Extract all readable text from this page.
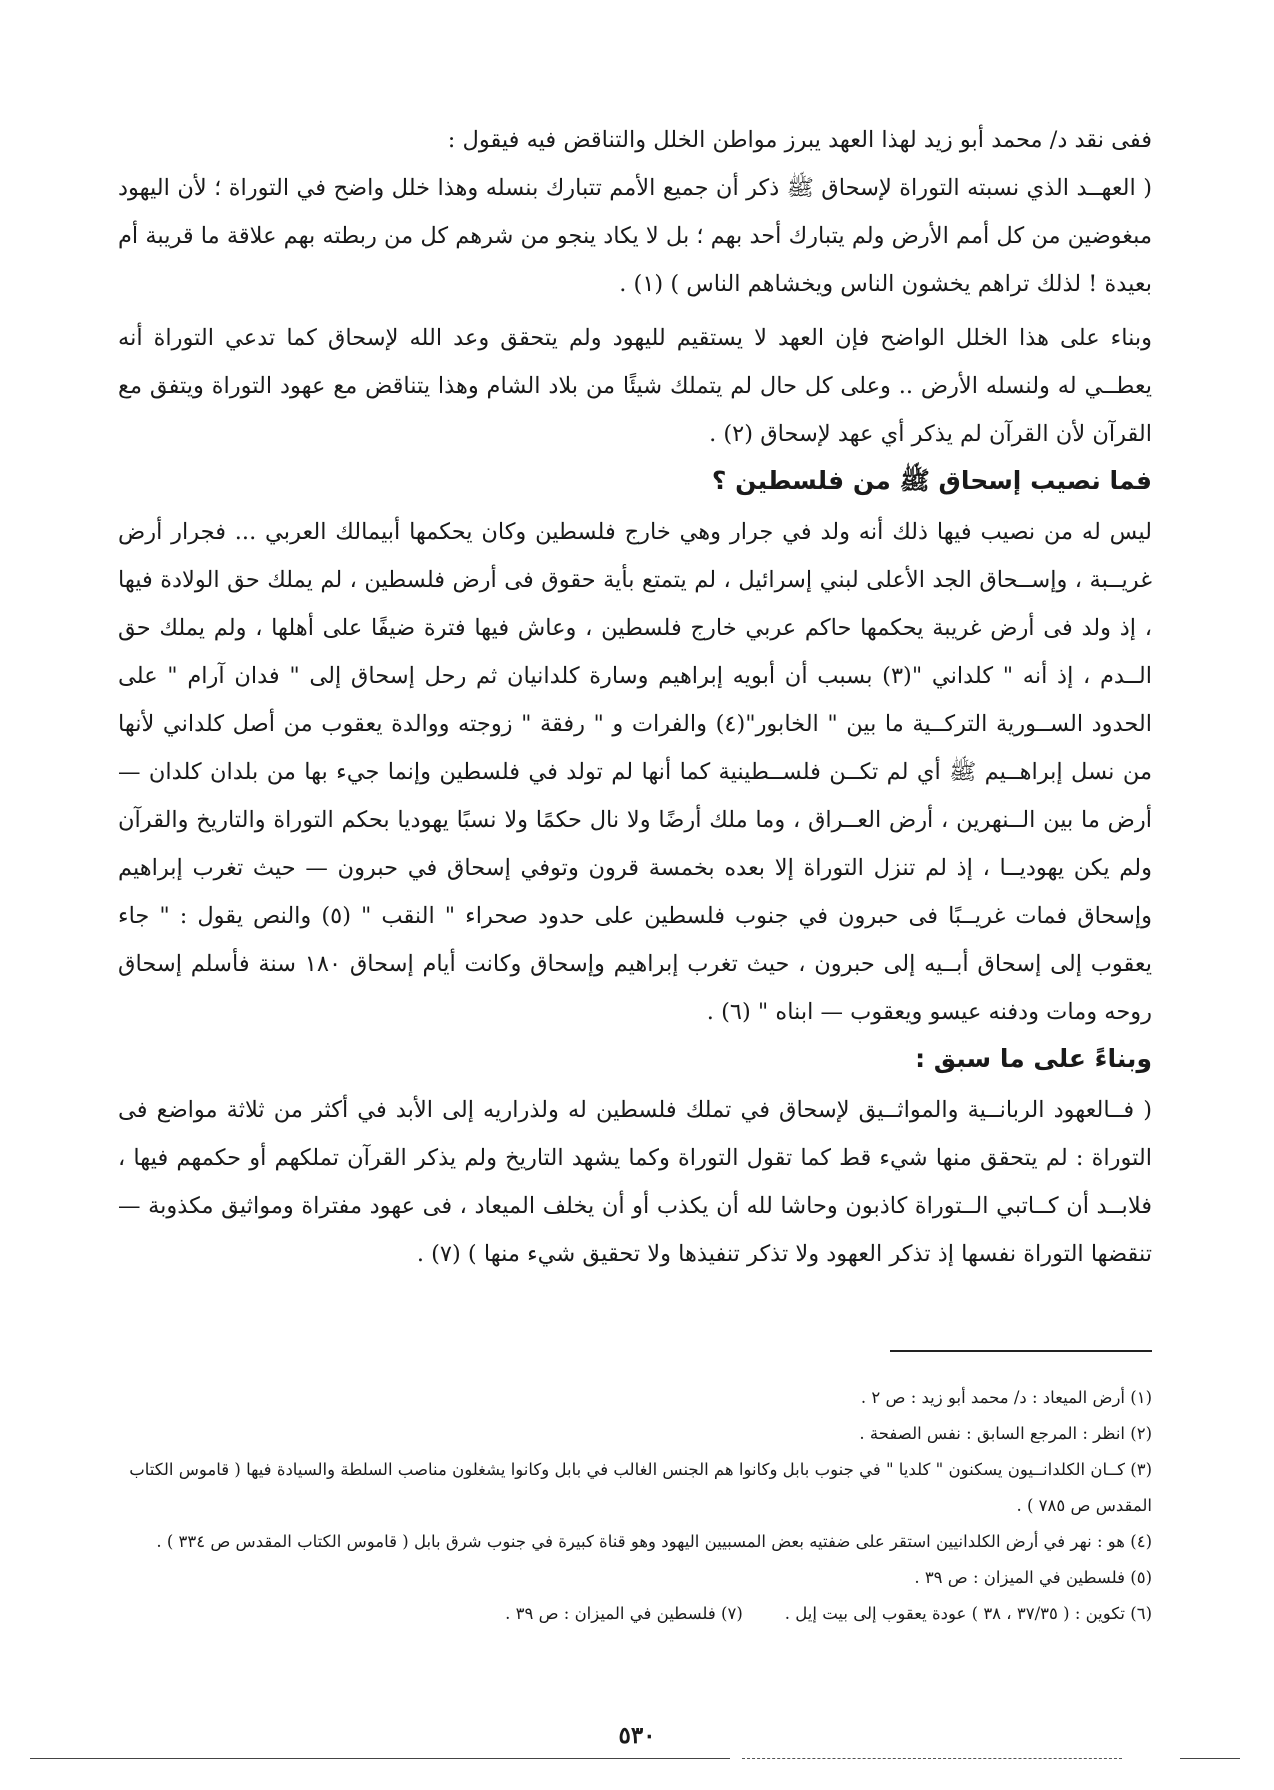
ففى نقد د/ محمد أبو زيد لهذا العهد يبرز مواطن الخلل والتناقض فيه فيقول :

( العهــد الذي نسبته التوراة لإسحاق ﷺ ذكر أن جميع الأمم تتبارك بنسله وهذا خلل واضح في التوراة ؛ لأن اليهود مبغوضين من كل أمم الأرض ولم يتبارك أحد بهم ؛ بل لا يكاد ينجو من شرهم كل من ربطته بهم علاقة ما قريبة أم بعيدة ! لذلك تراهم يخشون الناس ويخشاهم الناس ) (١) .

وبناء على هذا الخلل الواضح فإن العهد لا يستقيم لليهود ولم يتحقق وعد الله لإسحاق كما تدعي التوراة أنه يعطــي له ولنسله الأرض .. وعلى كل حال لم يتملك شيئًا من بلاد الشام وهذا يتناقض مع عهود التوراة ويتفق مع القرآن لأن القرآن لم يذكر أي عهد لإسحاق (٢) .

فما نصيب إسحاق ﷺ من فلسطين ؟

ليس له من نصيب فيها ذلك أنه ولد في جرار وهي خارج فلسطين وكان يحكمها أبيمالك العربي ... فجرار أرض غريــبة ، وإســحاق الجد الأعلى لبني إسرائيل ، لم يتمتع بأية حقوق فى أرض فلسطين ، لم يملك حق الولادة فيها ، إذ ولد فى أرض غريبة يحكمها حاكم عربي خارج فلسطين ، وعاش فيها فترة ضيفًا على أهلها ، ولم يملك حق الــدم ، إذ أنه " كلداني "(٣) بسبب أن أبويه إبراهيم وسارة كلدانيان ثم رحل إسحاق إلى " فدان آرام " على الحدود الســورية التركــية ما بين " الخابور"(٤) والفرات و " رفقة " زوجته ووالدة يعقوب من أصل كلداني لأنها من نسل إبراهــيم ﷺ أي لم تكــن فلســطينية كما أنها لم تولد في فلسطين وإنما جيء بها من بلدان كلدان — أرض ما بين الــنهرين ، أرض العــراق ، وما ملك أرضًا ولا نال حكمًا ولا نسبًا يهوديا بحكم التوراة والتاريخ والقرآن ولم يكن يهوديــا ، إذ لم تنزل التوراة إلا بعده بخمسة قرون وتوفي إسحاق في حبرون — حيث تغرب إبراهيم وإسحاق فمات غريــبًا فى حبرون في جنوب فلسطين على حدود صحراء " النقب " (٥) والنص يقول : " جاء يعقوب إلى إسحاق أبــيه إلى حبرون ، حيث تغرب إبراهيم وإسحاق وكانت أيام إسحاق ١٨٠ سنة فأسلم إسحاق روحه ومات ودفنه عيسو ويعقوب — ابناه " (٦) .

وبناءً على ما سبق :

( فــالعهود الربانــية والمواثــيق لإسحاق في تملك فلسطين له ولذراريه إلى الأبد في أكثر من ثلاثة مواضع فى التوراة : لم يتحقق منها شيء قط كما تقول التوراة وكما يشهد التاريخ ولم يذكر القرآن تملكهم أو حكمهم فيها ، فلابــد أن كــاتبي الــتوراة كاذبون وحاشا لله أن يكذب أو أن يخلف الميعاد ، فى عهود مفتراة ومواثيق مكذوبة — تنقضها التوراة نفسها إذ تذكر العهود ولا تذكر تنفيذها ولا تحقيق شيء منها ) (٧) .

(١) أرض الميعاد : د/ محمد أبو زيد : ص ٢ .

(٢) انظر : المرجع السابق : نفس الصفحة .

(٣) كــان الكلدانــيون يسكنون " كلديا " في جنوب بابل وكانوا هم الجنس الغالب في بابل وكانوا يشغلون مناصب السلطة والسيادة فيها ( قاموس الكتاب المقدس ص ٧٨٥ ) .

(٤) هو : نهر في أرض الكلدانيين استقر على ضفتيه بعض المسبيين اليهود وهو قناة كبيرة في جنوب شرق بابل ( قاموس الكتاب المقدس ص ٣٣٤ ) .

(٥) فلسطين في الميزان : ص ٣٩ .

(٦) تكوين : ( ٣٧/٣٥ ، ٣٨ ) عودة يعقوب إلى بيت إيل .
(٧) فلسطين في الميزان : ص ٣٩ .
٥٣٠
